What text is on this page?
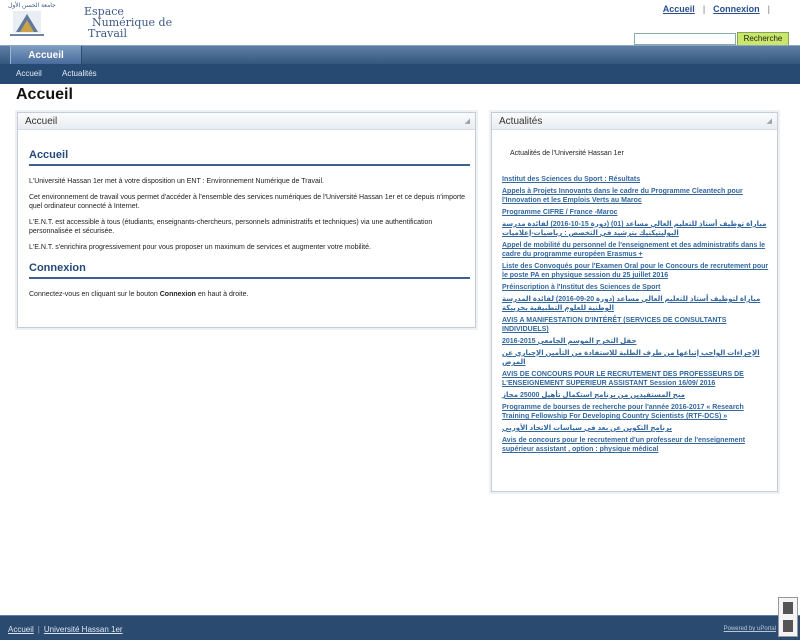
جامعة الحسن الأول	Espace
Numérique de
Travail
Accueil | Connexion |
Recherche
Accueil
Accueil	Actualités
Accueil
Accueil	◢
Accueil

L'Université Hassan 1er met à votre disposition un ENT : Environnement Numérique de Travail.

Cet environnement de travail vous permet d'accéder à l'ensemble des services numériques de l'Université Hassan 1er et ce depuis n'importe quel ordinateur connecté à Internet.

L'E.N.T. est accessible à tous (étudiants, enseignants-chercheurs, personnels administratifs et techniques) via une authentification personnalisée et sécurisée.

L'E.N.T. s'enrichira progressivement pour vous proposer un maximum de services et augmenter votre mobilité.

Connexion

Connectez-vous en cliquant sur le bouton Connexion en haut à droite.

Actualités	◢
Actualités de l'Université Hassan 1er
Institut des Sciences du Sport : Résultats
Appels à Projets Innovants dans le cadre du Programme Cleantech pour l'Innovation et les Emplois Verts au Maroc
Programme CIFRE / France -Maroc
مباراة توظيف أستاذ للتعليم العالي مساعد (01) (دورة 15-10-2016) لفائدة مدرسة البوليتيكنيك بترشيد في التخصص : رياضيات-إعلاميات
Appel de mobilité du personnel de l'enseignement et des administratifs dans le cadre du programme européen Erasmus +
Liste des Convoqués pour l'Examen Oral pour le Concours de recrutement pour le poste PA en physique session du 25 juillet 2016
Préinscription à l'Institut des Sciences de Sport
مباراة لتوظيف أستاذ للتعليم العالي مساعد (دورة 20-09-2016) لفائدة المدرسة الوطنية للعلوم التطبيقية بخريبكة
AVIS A MANIFESTATION D'INTÉRÊT (SERVICES DE CONSULTANTS INDIVIDUELS)
حفل التخرج الموسم الجامعي 2015-2016
الإجراءات الواجب إتباعها من طرف الطلبة للاستفادة من التأمين الإجباري عن المرض
AVIS DE CONCOURS POUR LE RECRUTEMENT DES PROFESSEURS DE L'ENSEIGNEMENT SUPERIEUR ASSISTANT Session 16/09/ 2016
منح المستفيدين من برنامج استكمال تأهيل 25000 مجاز
Programme de bourses de recherche pour l'année 2016-2017 « Research Training Fellowship For Developing Country Scientists (RTF-DCS) »
برنامج التكوين عن بعد في سياسات الاتحاد الأوربي
Avis de concours pour le recrutement d'un professeur de l'enseignement supérieur assistant , option : physique médical
Accueil | Université Hassan 1er	Powered by uPortal
